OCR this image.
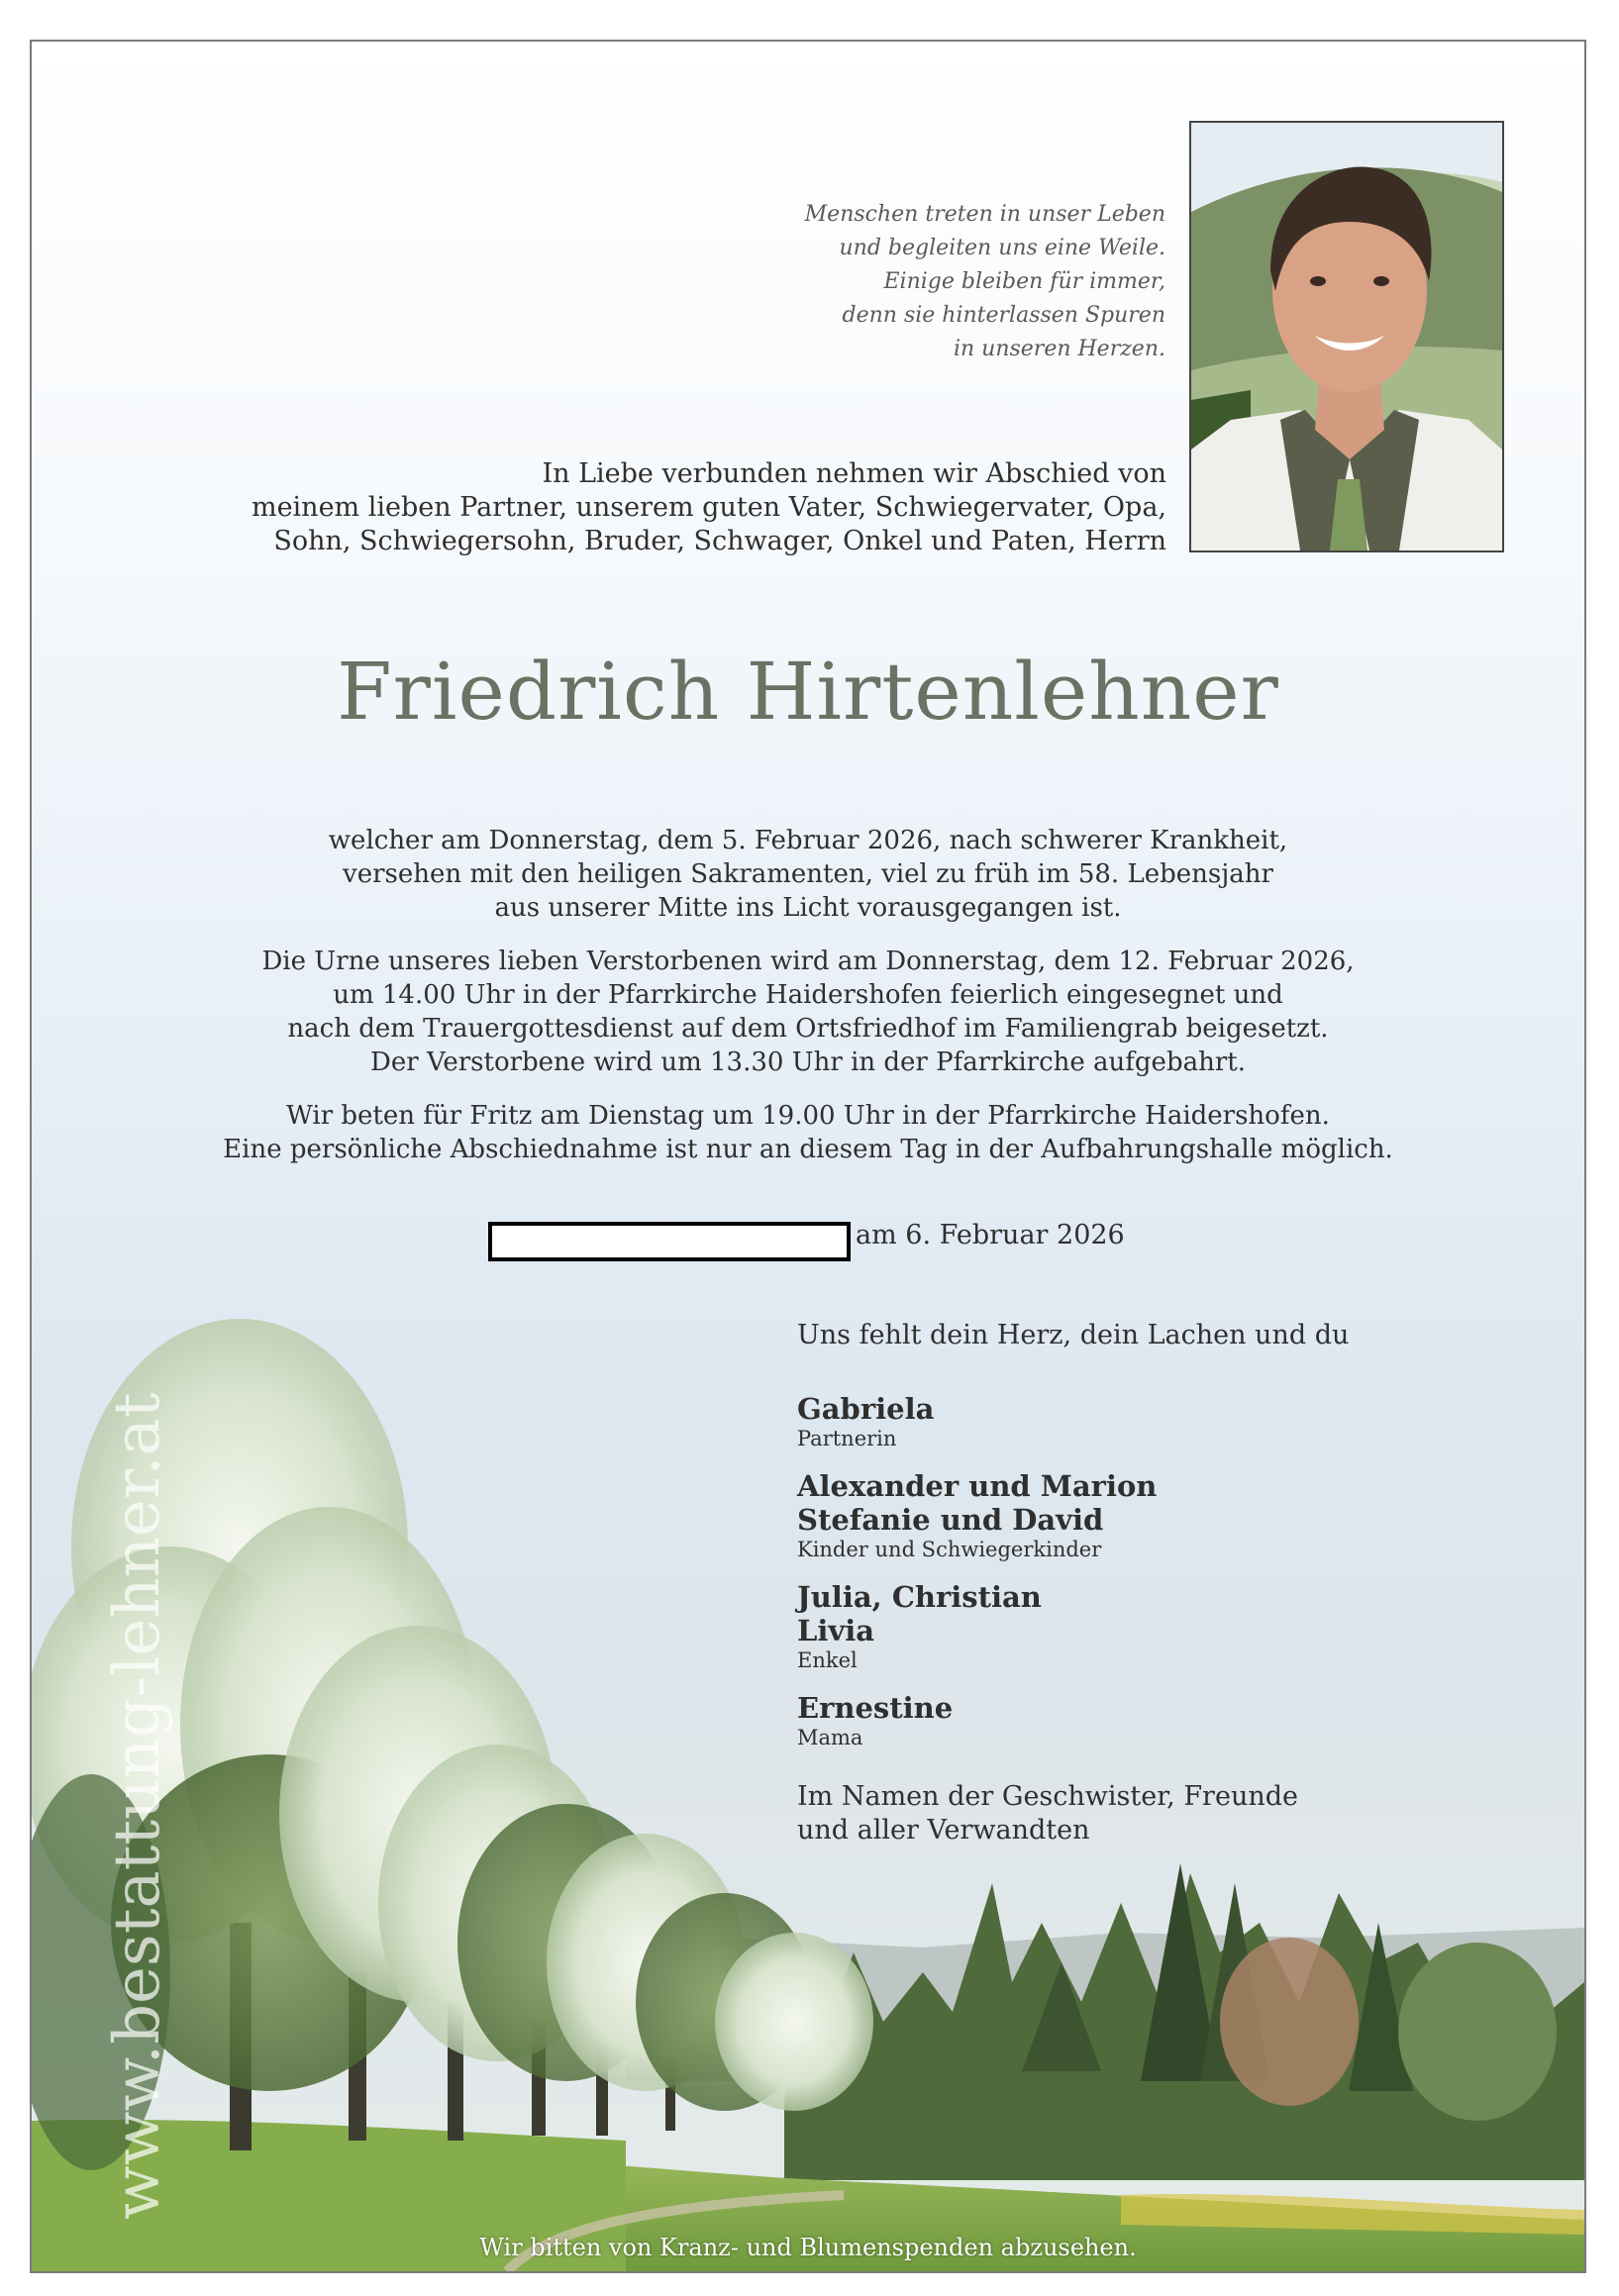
Menschen treten in unser Leben
und begleiten uns eine Weile.
Einige bleiben für immer,
denn sie hinterlassen Spuren
in unseren Herzen.
In Liebe verbunden nehmen wir Abschied von
meinem lieben Partner, unserem guten Vater, Schwiegervater, Opa,
Sohn, Schwiegersohn, Bruder, Schwager, Onkel und Paten, Herrn
Friedrich Hirtenlehner
welcher am Donnerstag, dem 5. Februar 2026, nach schwerer Krankheit,
versehen mit den heiligen Sakramenten, viel zu früh im 58. Lebensjahr
aus unserer Mitte ins Licht vorausgegangen ist.
Die Urne unseres lieben Verstorbenen wird am Donnerstag, dem 12. Februar 2026,
um 14.00 Uhr in der Pfarrkirche Haidershofen feierlich eingesegnet und
nach dem Trauergottesdienst auf dem Ortsfriedhof im Familiengrab beigesetzt.
Der Verstorbene wird um 13.30 Uhr in der Pfarrkirche aufgebahrt.
Wir beten für Fritz am Dienstag um 19.00 Uhr in der Pfarrkirche Haidershofen.
Eine persönliche Abschiednahme ist nur an diesem Tag in der Aufbahrungshalle möglich.
am 6. Februar 2026
Uns fehlt dein Herz, dein Lachen und du
Gabriela
Partnerin
Alexander und Marion
Stefanie und David
Kinder und Schwiegerkinder
Julia, Christian
Livia
Enkel
Ernestine
Mama
Im Namen der Geschwister, Freunde
und aller Verwandten
www.bestattung-lehner.at
Wir bitten von Kranz- und Blumenspenden abzusehen.
